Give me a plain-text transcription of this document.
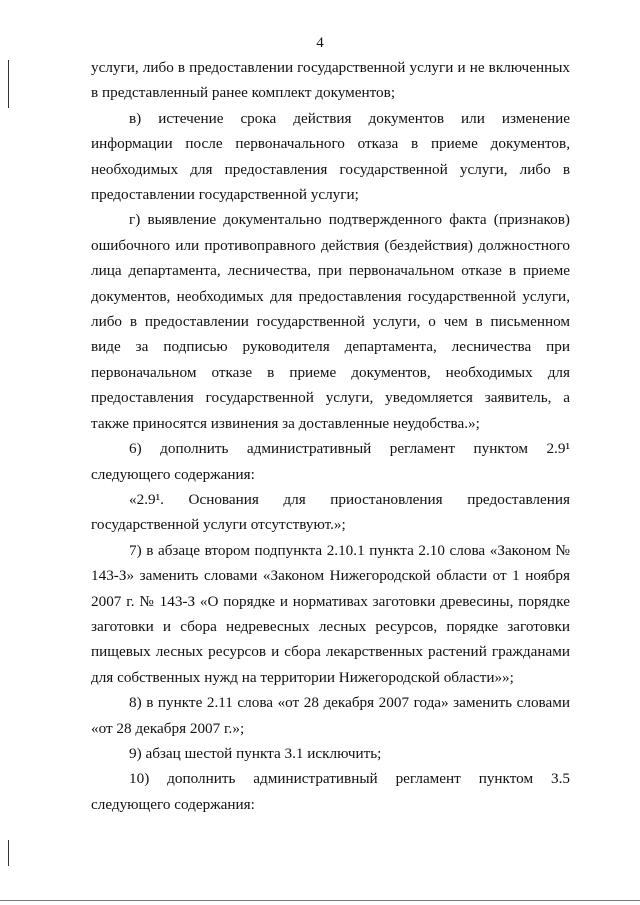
4

услуги, либо в предоставлении государственной услуги и не включенных в представленный ранее комплект документов;

в) истечение срока действия документов или изменение информации после первоначального отказа в приеме документов, необходимых для предоставления государственной услуги, либо в предоставлении государственной услуги;

г) выявление документально подтвержденного факта (признаков) ошибочного или противоправного действия (бездействия) должностного лица департамента, лесничества, при первоначальном отказе в приеме документов, необходимых для предоставления государственной услуги, либо в предоставлении государственной услуги, о чем в письменном виде за подписью руководителя департамента, лесничества при первоначальном отказе в приеме документов, необходимых для предоставления государственной услуги, уведомляется заявитель, а также приносятся извинения за доставленные неудобства.»;

6) дополнить административный регламент пунктом 2.9¹ следующего содержания:

«2.9¹. Основания для приостановления предоставления государственной услуги отсутствуют.»;

7) в абзаце втором подпункта 2.10.1 пункта 2.10 слова «Законом № 143-З» заменить словами «Законом Нижегородской области от 1 ноября 2007 г. № 143-З «О порядке и нормативах заготовки древесины, порядке заготовки и сбора недревесных лесных ресурсов, порядке заготовки пищевых лесных ресурсов и сбора лекарственных растений гражданами для собственных нужд на территории Нижегородской области»»;

8) в пункте 2.11 слова «от 28 декабря 2007 года» заменить словами «от 28 декабря 2007 г.»;

9) абзац шестой пункта 3.1 исключить;

10) дополнить административный регламент пунктом 3.5 следующего содержания:
